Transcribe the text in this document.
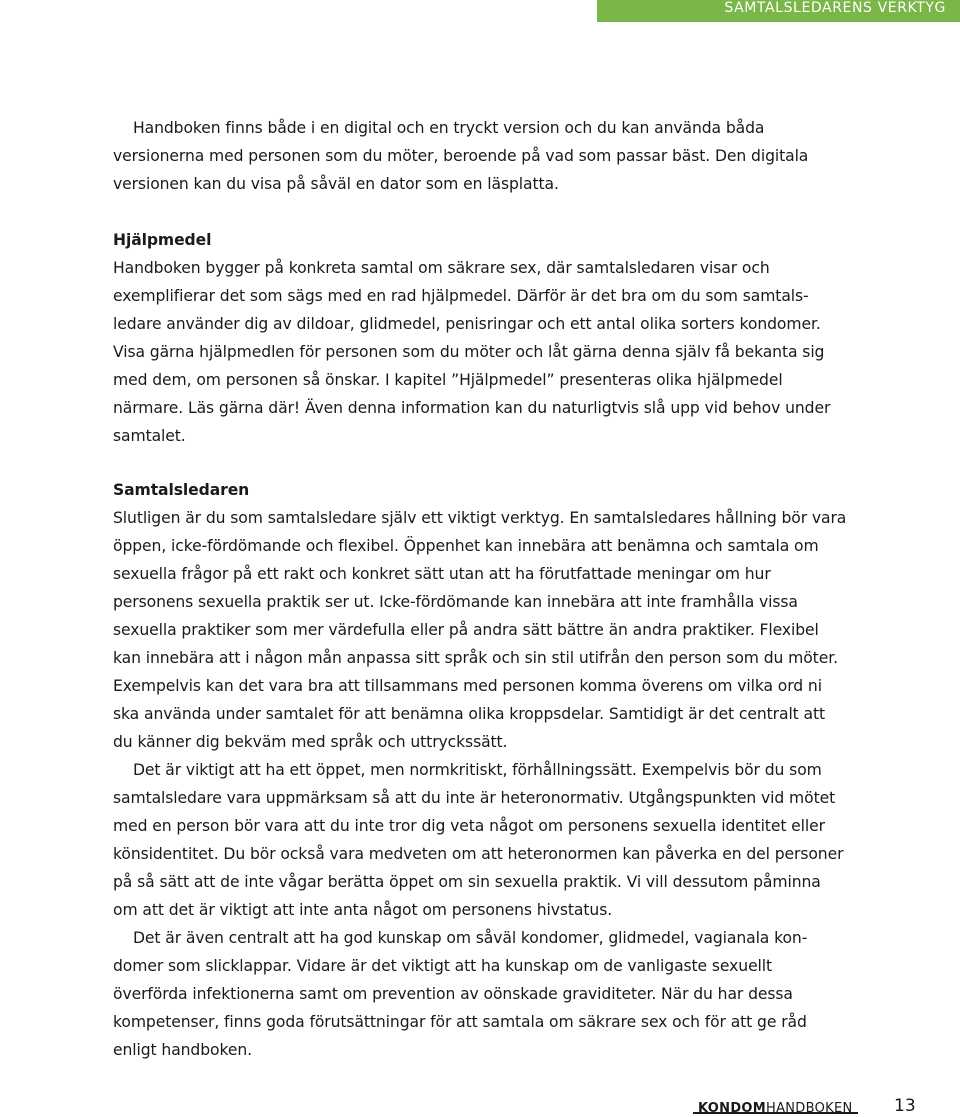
SAMTALSLEDARENS VERKTYG

Handboken finns både i en digital och en tryckt version och du kan använda båda versionerna med personen som du möter, beroende på vad som passar bäst. Den digitala versionen kan du visa på såväl en dator som en läsplatta.

Hjälpmedel

Handboken bygger på konkreta samtal om säkrare sex, där samtalsledaren visar och exemplifierar det som sägs med en rad hjälpmedel. Därför är det bra om du som samtalsledare använder dig av dildoar, glidmedel, penisringar och ett antal olika sorters kondomer. Visa gärna hjälpmedlen för personen som du möter och låt gärna denna själv få bekanta sig med dem, om personen så önskar. I kapitel ”Hjälpmedel” presenteras olika hjälpmedel närmare. Läs gärna där! Även denna information kan du naturligtvis slå upp vid behov under samtalet.

Samtalsledaren

Slutligen är du som samtalsledare själv ett viktigt verktyg. En samtalsledares hållning bör vara öppen, icke-fördömande och flexibel. Öppenhet kan innebära att benämna och samtala om sexuella frågor på ett rakt och konkret sätt utan att ha förutfattade meningar om hur personens sexuella praktik ser ut. Icke-fördömande kan innebära att inte framhålla vissa sexuella praktiker som mer värdefulla eller på andra sätt bättre än andra praktiker. Flexibel kan innebära att i någon mån anpassa sitt språk och sin stil utifrån den person som du möter. Exempelvis kan det vara bra att tillsammans med personen komma överens om vilka ord ni ska använda under samtalet för att benämna olika kroppsdelar. Samtidigt är det centralt att du känner dig bekväm med språk och uttryckssätt.

Det är viktigt att ha ett öppet, men normkritiskt, förhållningssätt. Exempelvis bör du som samtalsledare vara uppmärksam så att du inte är heteronormativ. Utgångspunkten vid mötet med en person bör vara att du inte tror dig veta något om personens sexuella identitet eller könsidentitet. Du bör också vara medveten om att heteronormen kan påverka en del personer på så sätt att de inte vågar berätta öppet om sin sexuella praktik. Vi vill dessutom påminna om att det är viktigt att inte anta något om personens hivstatus.

Det är även centralt att ha god kunskap om såväl kondomer, glidmedel, vagianala kondomer som slicklappar. Vidare är det viktigt att ha kunskap om de vanligaste sexuellt överförda infektionerna samt om prevention av oönskade graviditeter. När du har dessa kompetenser, finns goda förutsättningar för att samtala om säkrare sex och för att ge råd enligt handboken.

KONDOMHANDBOKEN 13
